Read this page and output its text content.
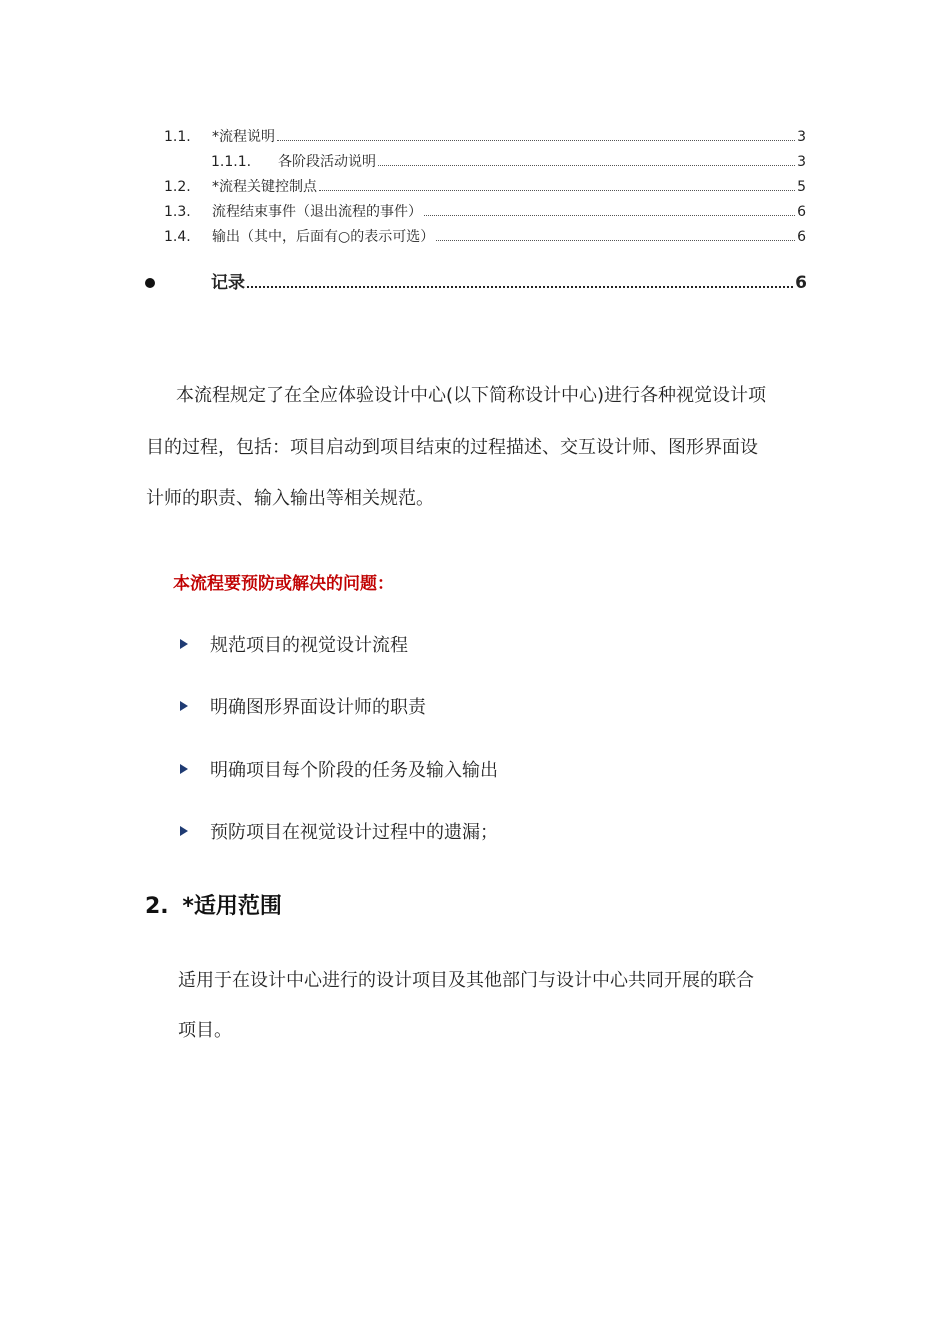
1.1.	*流程说明	3
1.1.1.	各阶段活动说明	3
1.2.	*流程关键控制点	5
1.3.	流程结束事件（退出流程的事件）	6
1.4.	输出（其中，后面有○的表示可选）	6
记录	6

本流程规定了在全应体验设计中心(以下简称设计中心)进行各种视觉设计项

目的过程，包括：项目启动到项目结束的过程描述、交互设计师、图形界面设

计师的职责、输入输出等相关规范。

本流程要预防或解决的问题：

规范项目的视觉设计流程
明确图形界面设计师的职责
明确项目每个阶段的任务及输入输出
预防项目在视觉设计过程中的遗漏；
2. *适用范围

适用于在设计中心进行的设计项目及其他部门与设计中心共同开展的联合

项目。
